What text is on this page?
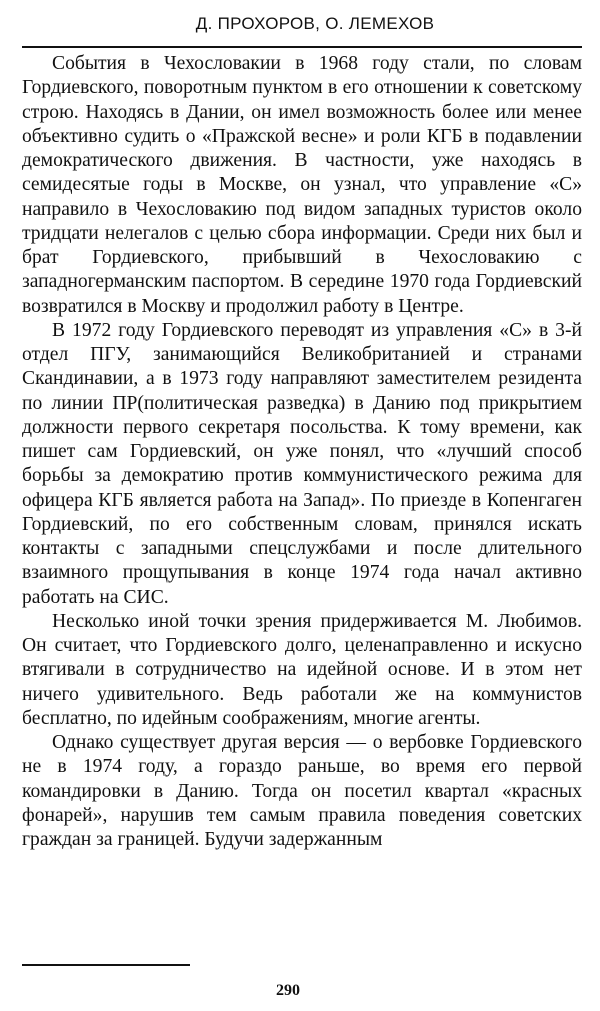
Д. ПРОХОРОВ, О. ЛЕМЕХОВ

События в Чехословакии в 1968 году стали, по словам Гордиевского, поворотным пунктом в его отношении к советскому строю. Находясь в Дании, он имел возможность более или менее объективно судить о «Пражской весне» и роли КГБ в подавлении демократического движения. В частности, уже находясь в семидесятые годы в Москве, он узнал, что управление «С» направило в Чехословакию под видом западных туристов около тридцати нелегалов с целью сбора информации. Среди них был и брат Гордиевского, прибывший в Чехословакию с западногерманским паспортом. В середине 1970 года Гордиевский возвратился в Москву и продолжил работу в Центре.

В 1972 году Гордиевского переводят из управления «С» в 3-й отдел ПГУ, занимающийся Великобританией и странами Скандинавии, а в 1973 году направляют заместителем резидента по линии ПР(политическая разведка) в Данию под прикрытием должности первого секретаря посольства. К тому времени, как пишет сам Гордиевский, он уже понял, что «лучший способ борьбы за демократию против коммунистического режима для офицера КГБ является работа на Запад». По приезде в Копенгаген Гордиевский, по его собственным словам, принялся искать контакты с западными спецслужбами и после длительного взаимного прощупывания в конце 1974 года начал активно работать на СИС.

Несколько иной точки зрения придерживается М. Любимов. Он считает, что Гордиевского долго, целенаправленно и искусно втягивали в сотрудничество на идейной основе. И в этом нет ничего удивительного. Ведь работали же на коммунистов бесплатно, по идейным соображениям, многие агенты.

Однако существует другая версия — о вербовке Гордиевского не в 1974 году, а гораздо раньше, во время его первой командировки в Данию. Тогда он посетил квартал «красных фонарей», нарушив тем самым правила поведения советских граждан за границей. Будучи задержанным

290
